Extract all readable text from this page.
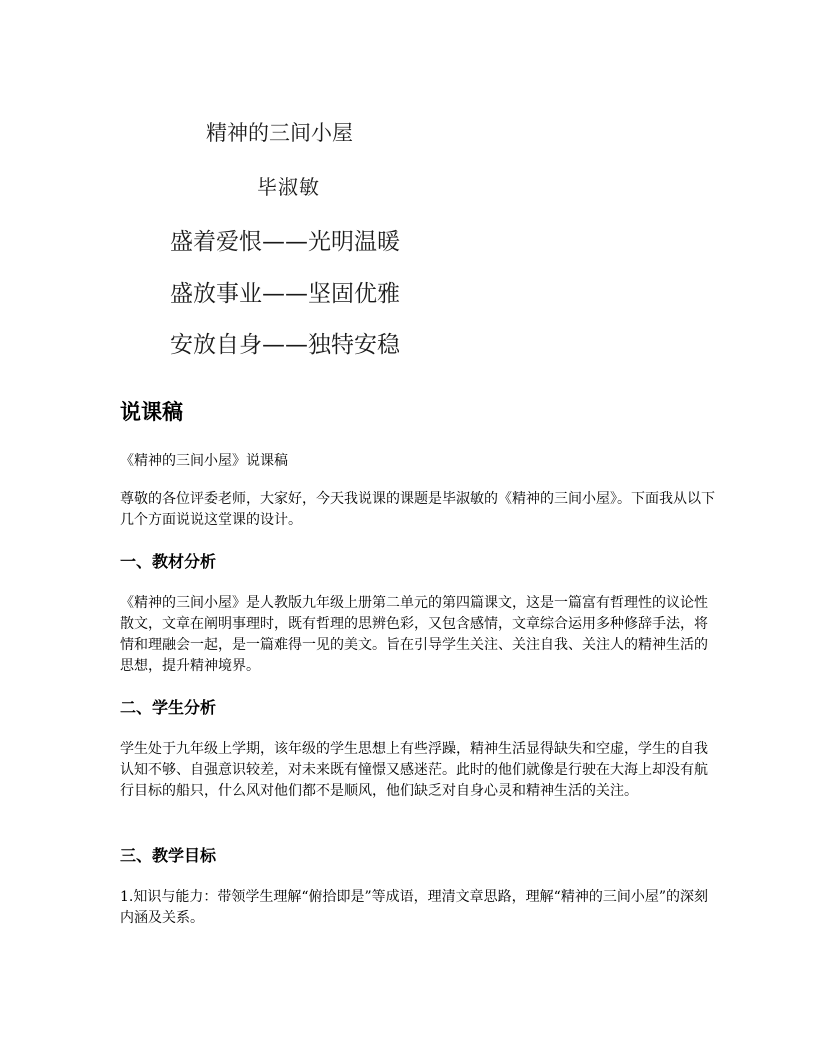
精神的三间小屋
毕淑敏
盛着爱恨——光明温暖
盛放事业——坚固优雅
安放自身——独特安稳
说课稿

《精神的三间小屋》说课稿

尊敬的各位评委老师，大家好，今天我说课的课题是毕淑敏的《精神的三间小屋》。下面我从以下几个方面说说这堂课的设计。

一、教材分析

《精神的三间小屋》是人教版九年级上册第二单元的第四篇课文，这是一篇富有哲理性的议论性散文，文章在阐明事理时，既有哲理的思辨色彩，又包含感情，文章综合运用多种修辞手法，将情和理融会一起，是一篇难得一见的美文。旨在引导学生关注、关注自我、关注人的精神生活的思想，提升精神境界。

二、学生分析

学生处于九年级上学期，该年级的学生思想上有些浮躁，精神生活显得缺失和空虚，学生的自我认知不够、自强意识较差，对未来既有憧憬又感迷茫。此时的他们就像是行驶在大海上却没有航行目标的船只，什么风对他们都不是顺风，他们缺乏对自身心灵和精神生活的关注。

三、教学目标

1.知识与能力：带领学生理解“俯拾即是”等成语，理清文章思路，理解“精神的三间小屋”的深刻内涵及关系。
